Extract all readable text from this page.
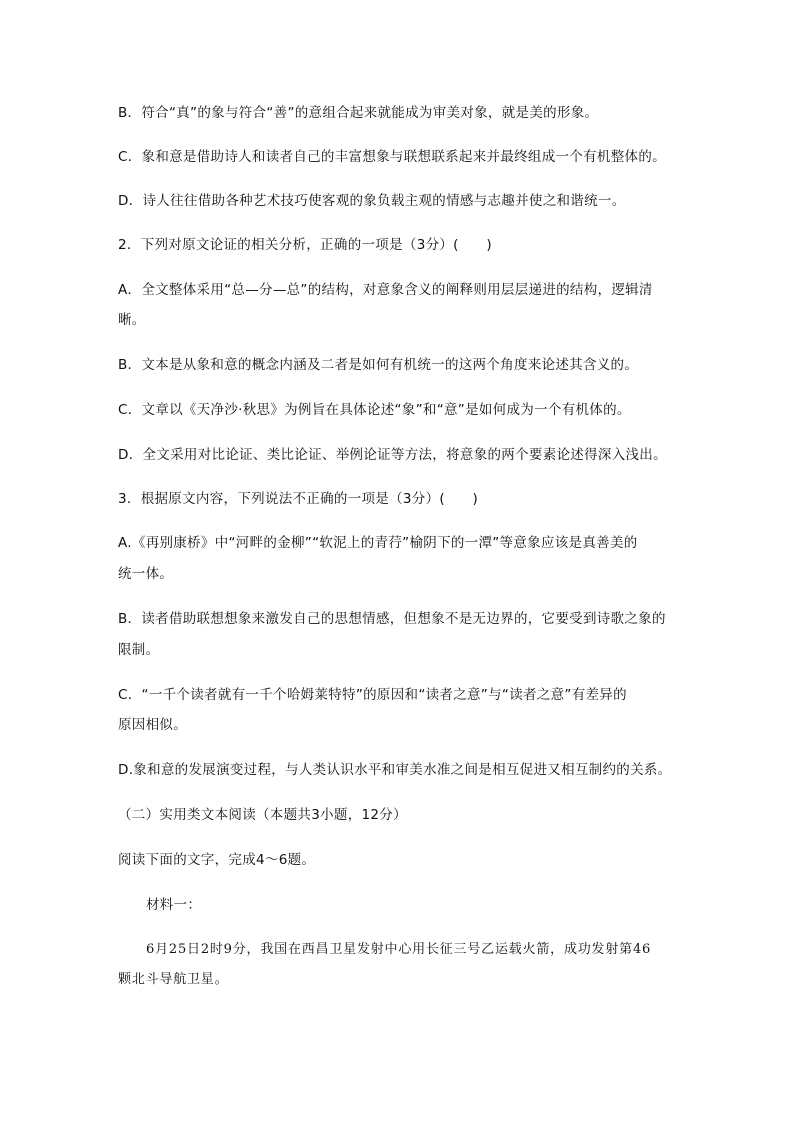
B．符合“真”的象与符合“善”的意组合起来就能成为审美对象，就是美的形象。
C．象和意是借助诗人和读者自己的丰富想象与联想联系起来并最终组成一个有机整体的。
D．诗人往往借助各种艺术技巧使客观的象负载主观的情感与志趣并使之和谐统一。
2．下列对原文论证的相关分析，正确的一项是（3分）(　　)
A．全文整体采用“总—分—总”的结构，对意象含义的阐释则用层层递进的结构，逻辑清
晰。
B．文本是从象和意的概念内涵及二者是如何有机统一的这两个角度来论述其含义的。
C．文章以《天净沙·秋思》为例旨在具体论述“象”和“意”是如何成为一个有机体的。
D．全文采用对比论证、类比论证、举例论证等方法，将意象的两个要素论述得深入浅出。
3．根据原文内容，下列说法不正确的一项是（3分）(　　)
A.《再别康桥》中“河畔的金柳”“软泥上的青荇”榆阴下的一潭”等意象应该是真善美的
统一体。
B．读者借助联想想象来激发自己的思想情感，但想象不是无边界的，它要受到诗歌之象的
限制。
C．“一千个读者就有一千个哈姆莱特特”的原因和“读者之意”与“读者之意”有差异的
原因相似。
D.象和意的发展演变过程，与人类认识水平和审美水准之间是相互促进又相互制约的关系。
（二）实用类文本阅读（本题共3小题，12分）
阅读下面的文字，完成4～6题。
材料一：
6月25日2时9分，我国在西昌卫星发射中心用长征三号乙运载火箭，成功发射第46
颗北斗导航卫星。
